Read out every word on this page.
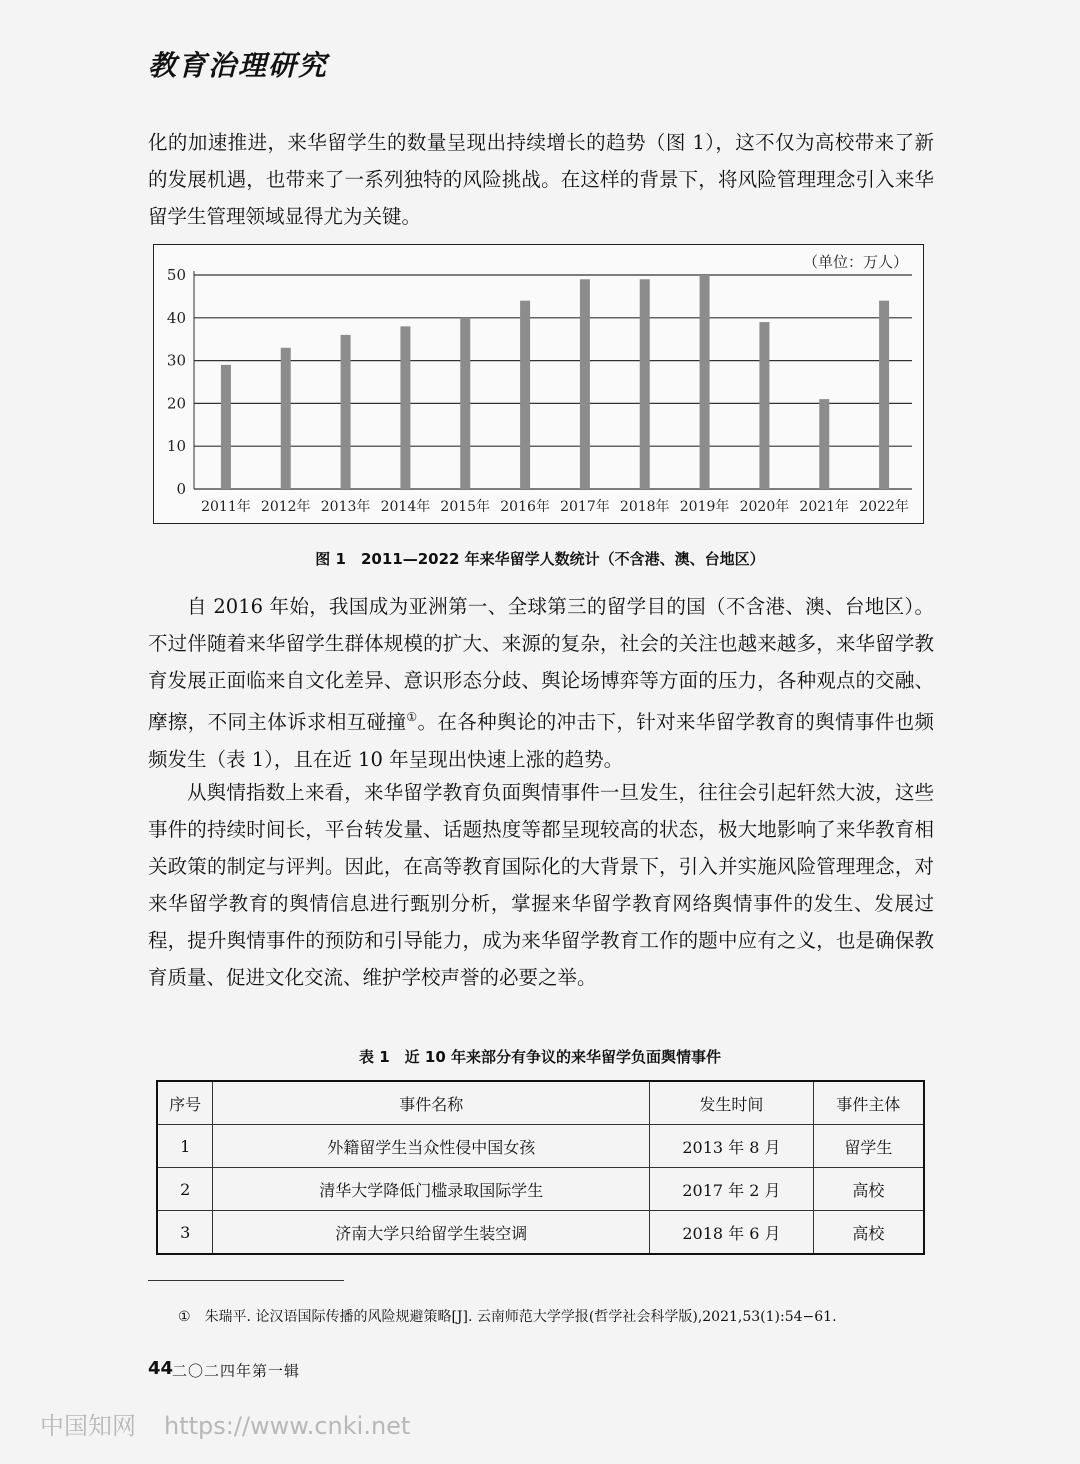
教育治理研究

化的加速推进，来华留学生的数量呈现出持续增长的趋势（图 1），这不仅为高校带来了新的发展机遇，也带来了一系列独特的风险挑战。在这样的背景下，将风险管理理念引入来华留学生管理领域显得尤为关键。

0
10
20
30
40
50
2011年 2012年 2013年 2014年 2015年 2016年 2017年 2018年 2019年 2020年 2021年 2022年
（单位：万人）
图 1　2011—2022 年来华留学人数统计（不含港、澳、台地区）

自 2016 年始，我国成为亚洲第一、全球第三的留学目的国（不含港、澳、台地区）。不过伴随着来华留学生群体规模的扩大、来源的复杂，社会的关注也越来越多，来华留学教育发展正面临来自文化差异、意识形态分歧、舆论场博弈等方面的压力，各种观点的交融、摩擦，不同主体诉求相互碰撞①。在各种舆论的冲击下，针对来华留学教育的舆情事件也频频发生（表 1），且在近 10 年呈现出快速上涨的趋势。

从舆情指数上来看，来华留学教育负面舆情事件一旦发生，往往会引起轩然大波，这些事件的持续时间长，平台转发量、话题热度等都呈现较高的状态，极大地影响了来华教育相关政策的制定与评判。因此，在高等教育国际化的大背景下，引入并实施风险管理理念，对来华留学教育的舆情信息进行甄别分析，掌握来华留学教育网络舆情事件的发生、发展过程，提升舆情事件的预防和引导能力，成为来华留学教育工作的题中应有之义，也是确保教育质量、促进文化交流、维护学校声誉的必要之举。

表 1　近 10 年来部分有争议的来华留学负面舆情事件
序号	事件名称	发生时间	事件主体
1	外籍留学生当众性侵中国女孩	2013 年 8 月	留学生
2	清华大学降低门槛录取国际学生	2017 年 2 月	高校
3	济南大学只给留学生装空调	2018 年 6 月	高校
① 朱瑞平. 论汉语国际传播的风险规避策略[J]. 云南师范大学学报(哲学社会科学版),2021,53(1):54−61.
44
二〇二四年第一辑
中国知网 https://www.cnki.net
